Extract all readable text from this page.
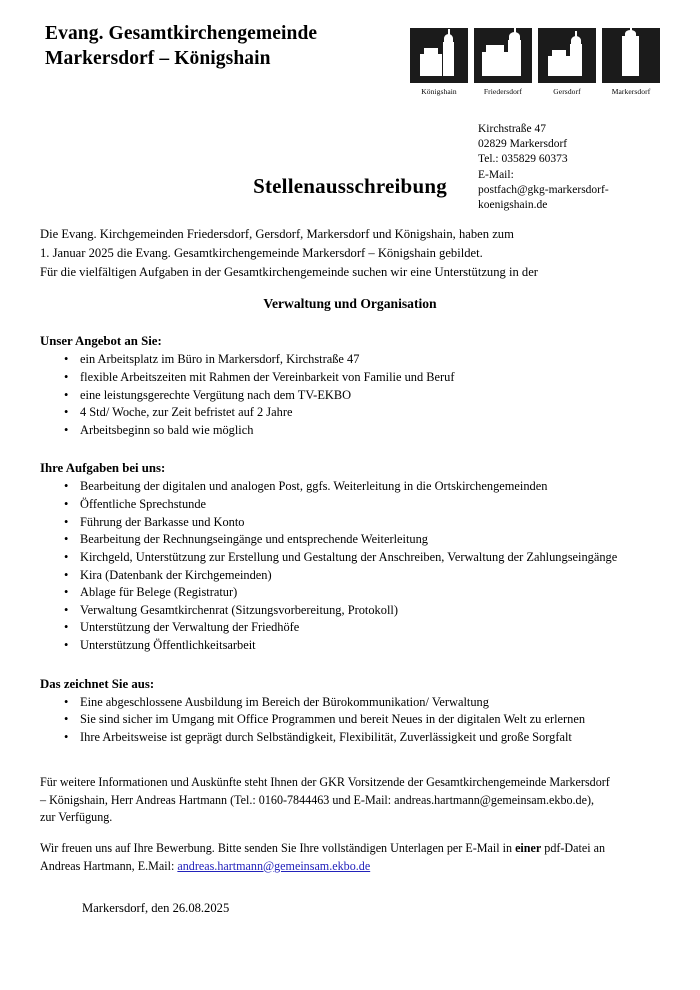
Evang. Gesamtkirchengemeinde
Markersdorf – Königshain
Königshain	Friedersdorf	Gersdorf	Markersdorf
Kirchstraße 47
02829 Markersdorf
Tel.: 035829 60373
E-Mail:
postfach@gkg-markersdorf-
koenigshain.de
Stellenausschreibung
Die Evang. Kirchgemeinden Friedersdorf, Gersdorf, Markersdorf und Königshain, haben zum
1. Januar 2025 die Evang. Gesamtkirchengemeinde Markersdorf – Königshain gebildet.
Für die vielfältigen Aufgaben in der Gesamtkirchengemeinde suchen wir eine Unterstützung in der
Verwaltung und Organisation
Unser Angebot an Sie:
• ein Arbeitsplatz im Büro in Markersdorf, Kirchstraße 47
• flexible Arbeitszeiten mit Rahmen der Vereinbarkeit von Familie und Beruf
• eine leistungsgerechte Vergütung nach dem TV-EKBO
• 4 Std/ Woche, zur Zeit befristet auf 2 Jahre
• Arbeitsbeginn so bald wie möglich
Ihre Aufgaben bei uns:
• Bearbeitung der digitalen und analogen Post, ggfs. Weiterleitung in die Ortskirchengemeinden
• Öffentliche Sprechstunde
• Führung der Barkasse und Konto
• Bearbeitung der Rechnungseingänge und entsprechende Weiterleitung
• Kirchgeld, Unterstützung zur Erstellung und Gestaltung der Anschreiben, Verwaltung der Zahlungseingänge
• Kira (Datenbank der Kirchgemeinden)
• Ablage für Belege (Registratur)
• Verwaltung Gesamtkirchenrat (Sitzungsvorbereitung, Protokoll)
• Unterstützung der Verwaltung der Friedhöfe
• Unterstützung Öffentlichkeitsarbeit
Das zeichnet Sie aus:
• Eine abgeschlossene Ausbildung im Bereich der Bürokommunikation/ Verwaltung
• Sie sind sicher im Umgang mit Office Programmen und bereit Neues in der digitalen Welt zu erlernen
• Ihre Arbeitsweise ist geprägt durch Selbständigkeit, Flexibilität, Zuverlässigkeit und große Sorgfalt

Für weitere Informationen und Auskünfte steht Ihnen der GKR Vorsitzende der Gesamtkirchengemeinde Markersdorf
– Königshain, Herr Andreas Hartmann (Tel.: 0160-7844463 und E-Mail: andreas.hartmann@gemeinsam.ekbo.de),
zur Verfügung.

Wir freuen uns auf Ihre Bewerbung. Bitte senden Sie Ihre vollständigen Unterlagen per E-Mail in einer pdf-Datei an
Andreas Hartmann, E.Mail: andreas.hartmann@gemeinsam.ekbo.de

Markersdorf, den 26.08.2025
